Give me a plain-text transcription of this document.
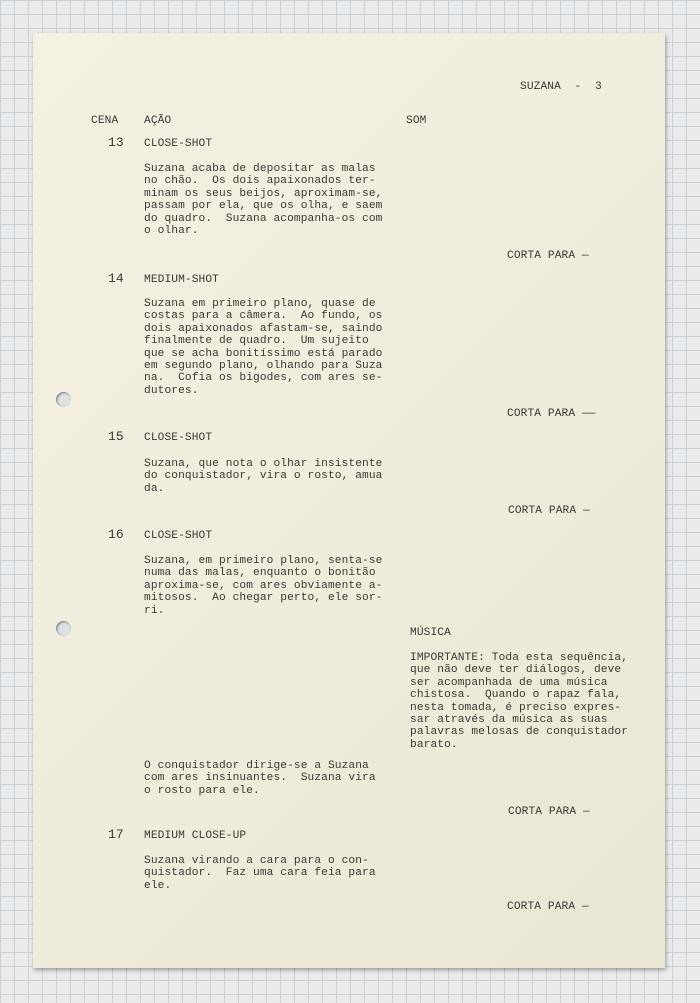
SUZANA  -  3

CENA AÇÃO	SOM

13 CLOSE-SHOT

Suzana acaba de depositar as malas
no chão.  Os dois apaixonados ter-
minam os seus beijos, aproximam-se,
passam por ela, que os olha, e saem
do quadro.  Suzana acompanha-os com
o olhar.

CORTA PARA —

14 MEDIUM-SHOT

Suzana em primeiro plano, quase de
costas para a câmera.  Ao fundo, os
dois apaixonados afastam-se, saindo
finalmente de quadro.  Um sujeito
que se acha bonitíssimo está parado
em segundo plano, olhando para Suza
na.  Cofia os bigodes, com ares se-
dutores.

CORTA PARA ——

15 CLOSE-SHOT

Suzana, que nota o olhar insistente
do conquistador, vira o rosto, amua
da.

CORTA PARA —

16 CLOSE-SHOT

Suzana, em primeiro plano, senta-se
numa das malas, enquanto o bonitão
aproxima-se, com ares obviamente a-
mitosos.  Ao chegar perto, ele sor-
ri.

MÚSICA

IMPORTANTE: Toda esta sequência,
que não deve ter diálogos, deve
ser acompanhada de uma música
chistosa.  Quando o rapaz fala,
nesta tomada, é preciso expres-
sar através da música as suas
palavras melosas de conquistador
barato.

O conquistador dirige-se a Suzana
com ares insinuantes.  Suzana vira
o rosto para ele.

CORTA PARA —

17 MEDIUM CLOSE-UP

Suzana virando a cara para o con-
quistador.  Faz uma cara feia para
ele.

CORTA PARA —
